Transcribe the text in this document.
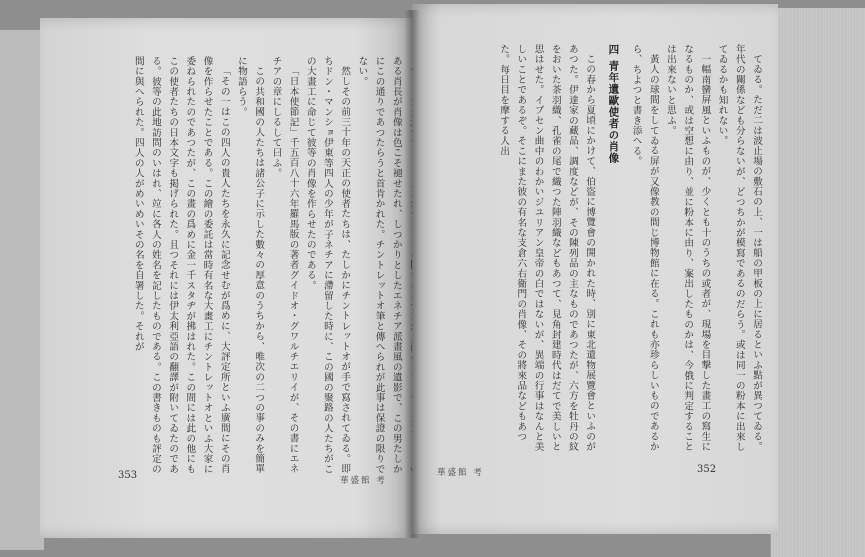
ある肖長が肖像は色こそ褪せたれ、しつかりとしたエネチア派畫風の遺影で、この男たしかにこの通りであつたらうと首肯かれた。チントレットオ筆と傳へられが此事は保證の限りでない。

然しその前三十年の天正の使者たちは、たしかにチントレットオが手で寫されてゐる。即ちドン・マンショ伊東等四人の少年が子ネチアに滯留した時に、この國の聚路の人たちがこの大畫工に命じて彼等の肖像を作らせたのである。

「日本使節記」千五百八十六年羅馬版の著者グイドオ・グワルチエリイが、その書にエネチアの章にしるして曰ふ。

この共和國の人たちは諸公子に示した數々の厚意のうちから、唯次の二つの事のみを簡單に物語らう。

「その一はこの四人の貴人たちを永久に記念せむが爲めに、大評定所といふ廣間にその肖像を作らせたことである。この繪の委託は當時有名な大畫工にチントレットオといふ大家に委ねられたのであつたが、この畫の爲めに金一千スタヂが拂はれた。この間には此の他にもこの使者たちの日本文字も掲げられた。且つそれには伊太利亞語の翻譯が附いてゐたのである。彼等の此地訪問のいはれ、竝に各人の姓名を記したものである。この書きものも評定の間に與へられた。四人の人がめいめいその名を自署した。それが

353	華盛館 考

てゐる。ただ二は波止場の敷石の上、一は船の甲板の上に居るといふ點が異つてゐる。年代の關係なども分らないが、どつちかが模寫であるのだらう。或は同一の粉本に出來してゐるかも知れない。

一幅南蠻屏風といふものが、少くとも十のうちの或者が、現場を目撃した畫工の寫生になるものか、或は空想に由り、並に粉本に由り、案出したものかは、今俄に判定することは出來ないと思ふ。

黃人の球間をしてゐる屏が又像教の間じ博物館に在る。これも亦珍らしいものであるから、ちよつと書き添へる。

四 青年遺歐使者の肖像

この春から夏頃にかけて、伯盜に博覽會の開かれた時、別に東北遺物展覽會といふのがあつた。伊達家の藏品、調度などが、その陳列品の主なものであつたが、六方を牡丹の紋をおいた茶羽織、孔雀の尾で織つた陣羽織などもあつて、見角封建時代はだてで美しいと思はせた。イブセン曲中のわかいジユリアン皇帝の白ではないが、異端の行事はなんと美しいことであるぞ。そこにまた彼の有名な支倉六右衞門の肖像、その將來品などもあつた。每日目を摩する人出

352
華盛館 考
